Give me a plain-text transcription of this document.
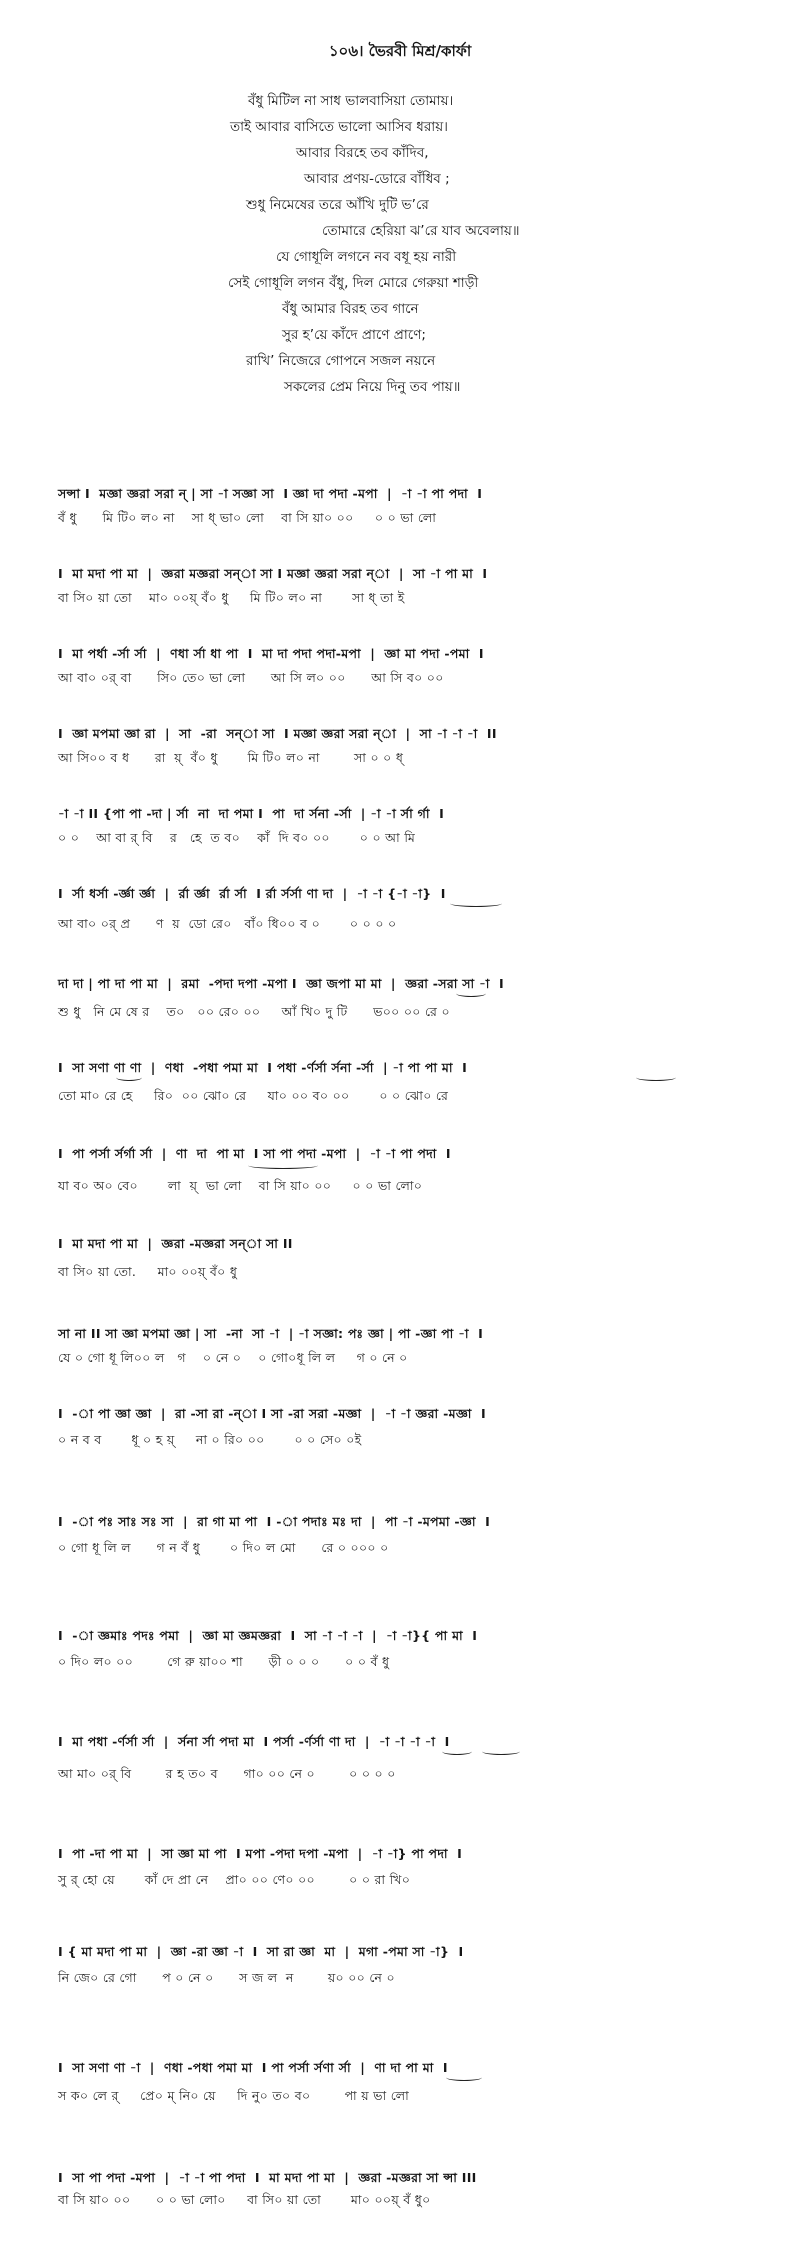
১০৬। ভৈরবী মিশ্র/কার্ফা
বঁধু মিটিল না সাধ ভালবাসিয়া তোমায়।
তাই আবার বাসিতে ভালো আসিব ধরায়।
আবার বিরহে তব কাঁদিব,
আবার প্রণয়-ডোরে বাঁধিব ;
শুধু নিমেষের তরে আঁখি দুটি ভ’রে
তোমারে হেরিয়া ঝ’রে যাব অবেলায়॥
যে গোধূলি লগনে নব বধূ হয় নারী
সেই গোধূলি লগন বঁধু, দিল মোরে গেরুয়া শাড়ী
বঁধু আমার বিরহ তব গানে
সুর হ’য়ে কাঁদে প্রাণে প্রাণে;
রাখি’ নিজেরে গোপনে সজল নয়নে
সকলের প্রেম নিয়ে দিনু তব পায়॥
সন্সা I  মজ্ঞা জ্ঞরা সরা ন্ | সা -া সজ্ঞা সা  I জ্ঞা দা পদা -মপা  |  -া -া পা পদা  I
বঁ ধু      মি টি০ ল০ না    সা ধ্ ভা০ লো    বা সি য়া০ ০০     ০ ০ ভা লো
I  মা মদা পা মা  |  জ্ঞরা মজ্ঞরা সন্া সা I মজ্ঞা জ্ঞরা সরা ন্া  |  সা -া পা মা  I
বা সি০ য়া তো    মা০ ০০য়্ বঁ০ ধু     মি টি০ ল০ না       সা ধ্ তা ই
I  মা পর্ধা -র্সা র্সা  |  ণধা র্সা ধা পা  I  মা দা পদা পদা-মপা  |  জ্ঞা মা পদা -পমা  I
আ বা০ ০র্ বা      সি০ তে০ ভা লো      আ সি ল০ ০০      আ সি ব০ ০০
I  জ্ঞা মপমা জ্ঞা রা  |  সা  -রা  সন্া সা  I মজ্ঞা জ্ঞরা সরা ন্া  |  সা -া -া -া  II
আ সি০০ ব ধ      রা  য়্  বঁ০ ধু       মি টি০ ল০ না        সা ০ ০ ধ্
-া -া II {পা পা -দা | র্সা  না  দা পমা I  পা  দা র্সনা -র্সা  | -া -া র্সা র্গা  I
০ ০    আ বা র্ বি    র   হে  ত ব০    কাঁ  দি ব০ ০০       ০ ০ আ মি
I  র্সা ধর্সা -র্জ্ঞা র্জ্ঞা  |  র্রা র্জ্ঞা  র্রা র্সা  I র্রা র্সর্সা ণা দা  |  -া -া {-া -া}  I
আ বা০ ০র্ প্র      ণ  য়  ডো রে০   বাঁ০ ধি০০ ব ০       ০ ০ ০ ০
দা দা | পা দা পা মা  |  রমা  -পদা দপা -মপা I  জ্ঞা জপা মা মা  |  জ্ঞরা -সরা সা -া  I
শু ধু   নি মে ষে র    ত০   ০০ রে০ ০০     আঁ খি০ দু টি      ভ০০ ০০ রে ০
I  সা সণা ণা ণা  |  ণধা  -পধা পমা মা  I পধা -র্ণর্সা র্সনা -র্সা  | -া পা পা মা  I
তো মা০ রে হে     রি০  ০০ ঝো০ রে     যা০ ০০ ব০ ০০       ০ ০ ঝো০ রে
I  পা পর্সা র্সর্গা র্সা  |  ণা  দা  পা মা  I সা পা পদা -মপা  |  -া -া পা পদা  I
যা ব০ অ০ বে০       লা  য়্  ভা লো    বা সি য়া০ ০০     ০ ০ ভা লো০
I  মা মদা পা মা  |  জ্ঞরা -মজ্ঞরা সন্া সা II
বা সি০ য়া তো.     মা০ ০০য়্ বঁ০ ধু
সা না II সা জ্ঞা মপমা জ্ঞা | সা  -না  সা -া  | -া সজ্ঞা: পঃ জ্ঞা | পা -জ্ঞা পা -া  I
যে ০ গো ধূ লি০০ ল   গ    ০ নে ০    ০ গো০ধূ লি ল     গ ০ নে ০
I  -া পা জ্ঞা জ্ঞা  |  রা -সা রা -ন্া I সা -রা সরা -মজ্ঞা  |  -া -া জ্ঞরা -মজ্ঞা  I
০ ন ব ব       ধূ ০ হ য়্     না ০ রি০ ০০       ০ ০ সে০ ০ই
I  -া পঃ সাঃ সঃ সা  |  রা গা মা পা  I -া পদাঃ মঃ দা  |  পা -া -মপমা -জ্ঞা  I
০ গো ধূ লি ল      গ ন বঁ ধু       ০ দি০ ল মো      রে ০ ০০০ ০
I  -া জ্ঞমাঃ পদঃ পমা  |  জ্ঞা মা জ্ঞমজ্ঞরা  I  সা -া -া -া  |  -া -া}{ পা মা  I
০ দি০ ল০ ০০        গে রু য়া০০ শা      ড়ী ০ ০ ০      ০ ০ বঁ ধু
I  মা পধা -র্ণর্সা র্সা  |  র্সনা র্সা পদা মা  I পর্সা -র্ণর্সা ণা দা  |  -া -া -া -া  I
আ মা০ ০র্ বি        র হ ত০ ব      গা০ ০০ নে ০        ০ ০ ০ ০
I  পা -দা পা মা  |  সা জ্ঞা মা পা  I মপা -পদা দপা -মপা  |  -া -া} পা পদা  I
সু র্ হো য়ে       কাঁ দে প্রা নে    প্রা০ ০০ ণে০ ০০        ০ ০ রা খি০
I { মা মদা পা মা  |  জ্ঞা -রা জ্ঞা -া  I  সা রা জ্ঞা  মা  |  মগা -পমা সা -া}  I
নি জে০ রে গো      প ০ নে ০      স জ ল  ন        য়০ ০০ নে ০
I  সা সণা ণা -া  |  ণধা -পধা পমা মা  I পা পর্সা র্সণা র্সা  |  ণা দা পা মা  I
স ক০ লে র্     প্রে০ ম্ নি০ য়ে     দি নু০ ত০ ব০        পা য় ভা লো
I  সা পা পদা -মপা  |  -া -া পা পদা  I  মা মদা পা মা  |  জ্ঞরা -মজ্ঞরা সা ন্সা III
বা সি য়া০ ০০      ০ ০ ভা লো০     বা সি০ য়া তো       মা০ ০০য়্ বঁ ধু০
